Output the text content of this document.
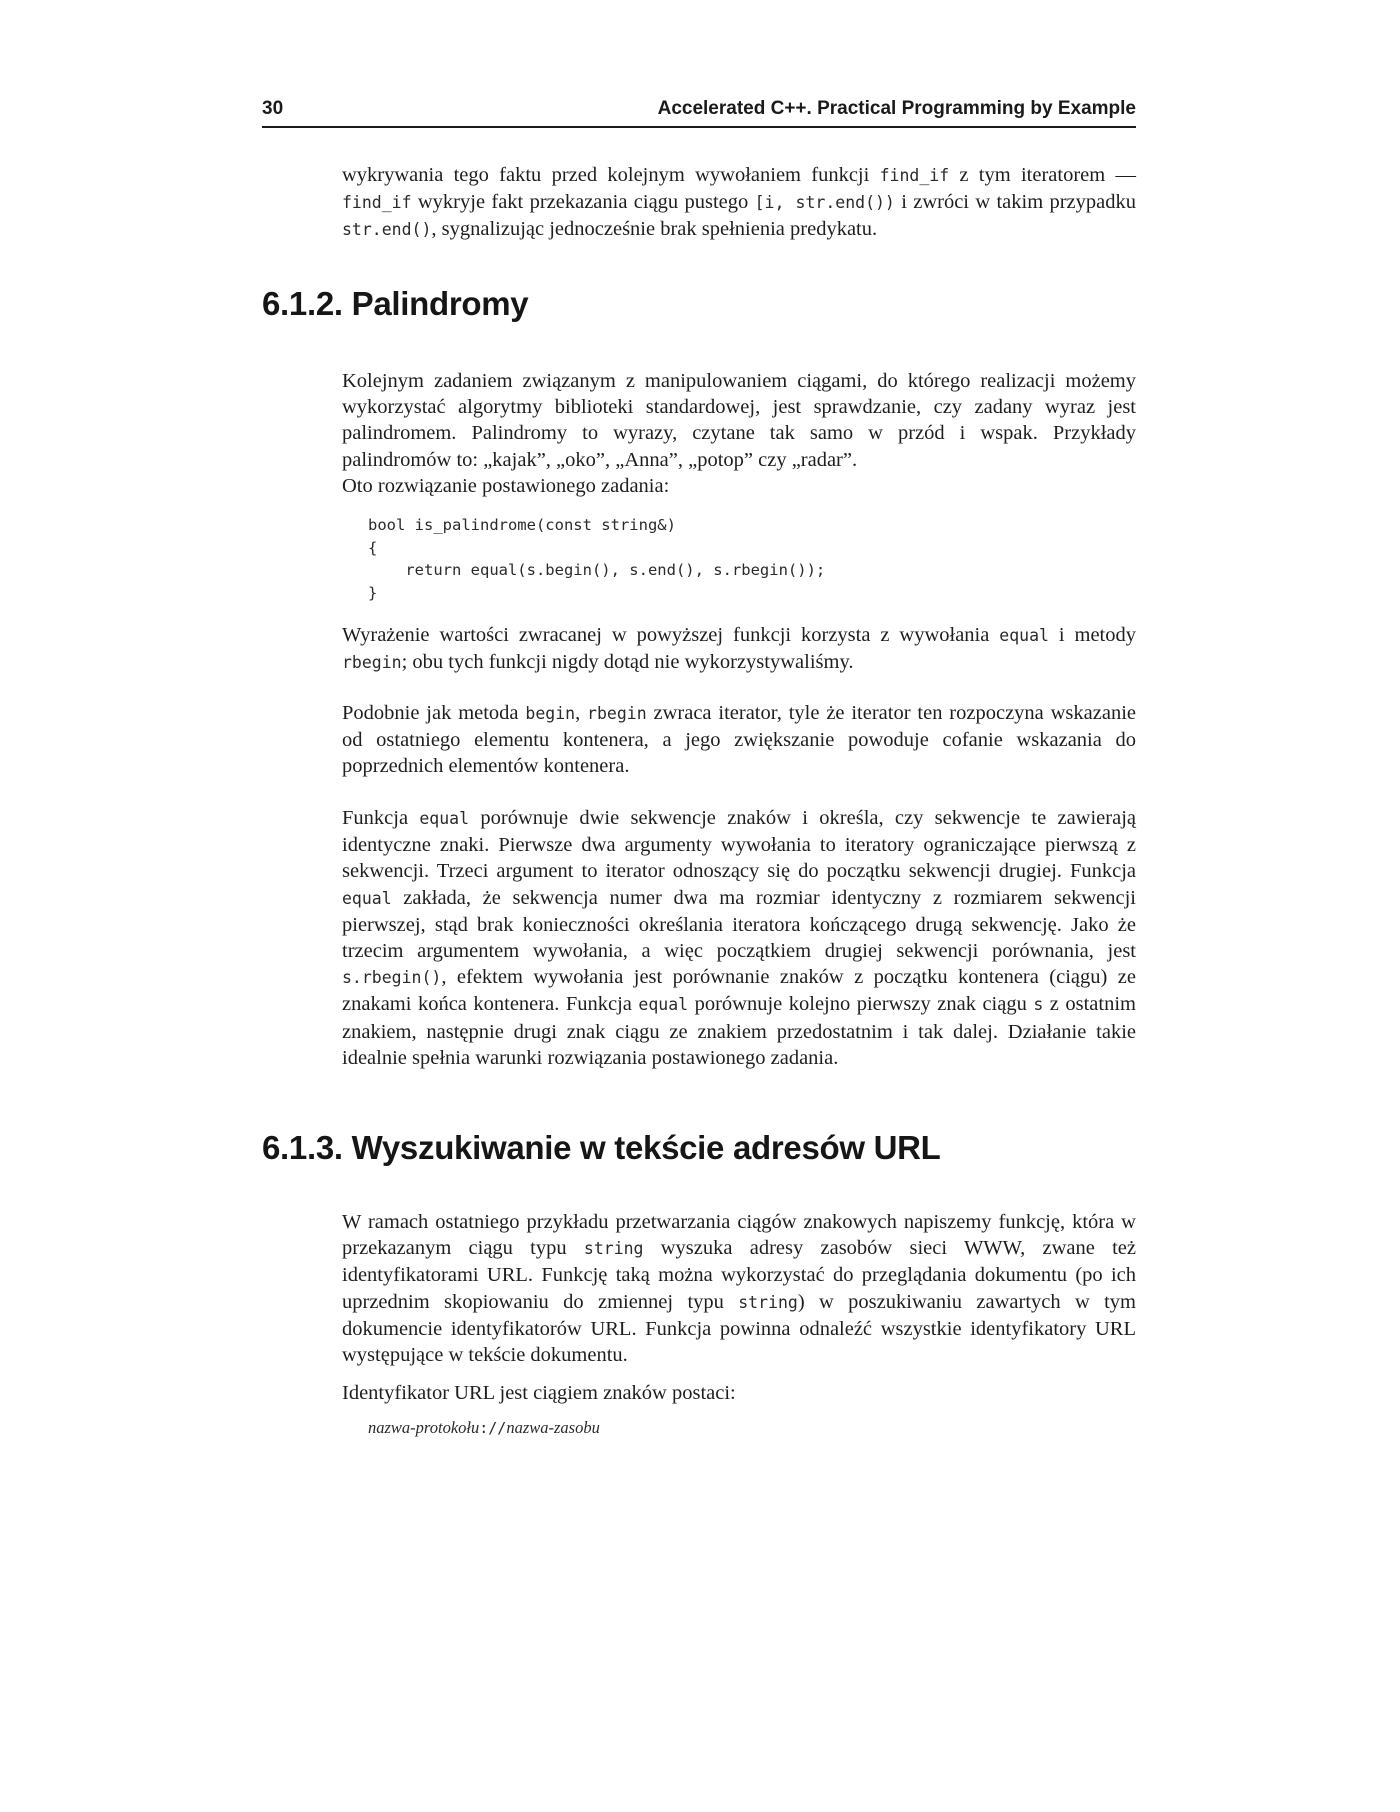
30	Accelerated C++. Practical Programming by Example

wykrywania tego faktu przed kolejnym wywołaniem funkcji find_if z tym iteratorem — find_if wykryje fakt przekazania ciągu pustego [i, str.end()) i zwróci w takim przypadku str.end(), sygnalizując jednocześnie brak spełnienia predykatu.

6.1.2. Palindromy

Kolejnym zadaniem związanym z manipulowaniem ciągami, do którego realizacji możemy wykorzystać algorytmy biblioteki standardowej, jest sprawdzanie, czy zadany wyraz jest palindromem. Palindromy to wyrazy, czytane tak samo w przód i wspak. Przykłady palindromów to: „kajak”, „oko”, „Anna”, „potop” czy „radar”.

Oto rozwiązanie postawionego zadania:

bool is_palindrome(const string&)
{
return equal(s.begin(), s.end(), s.rbegin());
}

Wyrażenie wartości zwracanej w powyższej funkcji korzysta z wywołania equal i metody rbegin; obu tych funkcji nigdy dotąd nie wykorzystywaliśmy.

Podobnie jak metoda begin, rbegin zwraca iterator, tyle że iterator ten rozpoczyna wskazanie od ostatniego elementu kontenera, a jego zwiększanie powoduje cofanie wskazania do poprzednich elementów kontenera.

Funkcja equal porównuje dwie sekwencje znaków i określa, czy sekwencje te zawierają identyczne znaki. Pierwsze dwa argumenty wywołania to iteratory ograniczające pierwszą z sekwencji. Trzeci argument to iterator odnoszący się do początku sekwencji drugiej. Funkcja equal zakłada, że sekwencja numer dwa ma rozmiar identyczny z rozmiarem sekwencji pierwszej, stąd brak konieczności określania iteratora kończącego drugą sekwencję. Jako że trzecim argumentem wywołania, a więc początkiem drugiej sekwencji porównania, jest s.rbegin(), efektem wywołania jest porównanie znaków z początku kontenera (ciągu) ze znakami końca kontenera. Funkcja equal porównuje kolejno pierwszy znak ciągu s z ostatnim znakiem, następnie drugi znak ciągu ze znakiem przedostatnim i tak dalej. Działanie takie idealnie spełnia warunki rozwiązania postawionego zadania.

6.1.3. Wyszukiwanie w tekście adresów URL

W ramach ostatniego przykładu przetwarzania ciągów znakowych napiszemy funkcję, która w przekazanym ciągu typu string wyszuka adresy zasobów sieci WWW, zwane też identyfikatorami URL. Funkcję taką można wykorzystać do przeglądania dokumentu (po ich uprzednim skopiowaniu do zmiennej typu string) w poszukiwaniu zawartych w tym dokumencie identyfikatorów URL. Funkcja powinna odnaleźć wszystkie identyfikatory URL występujące w tekście dokumentu.

Identyfikator URL jest ciągiem znaków postaci:

nazwa-protokołu://nazwa-zasobu
